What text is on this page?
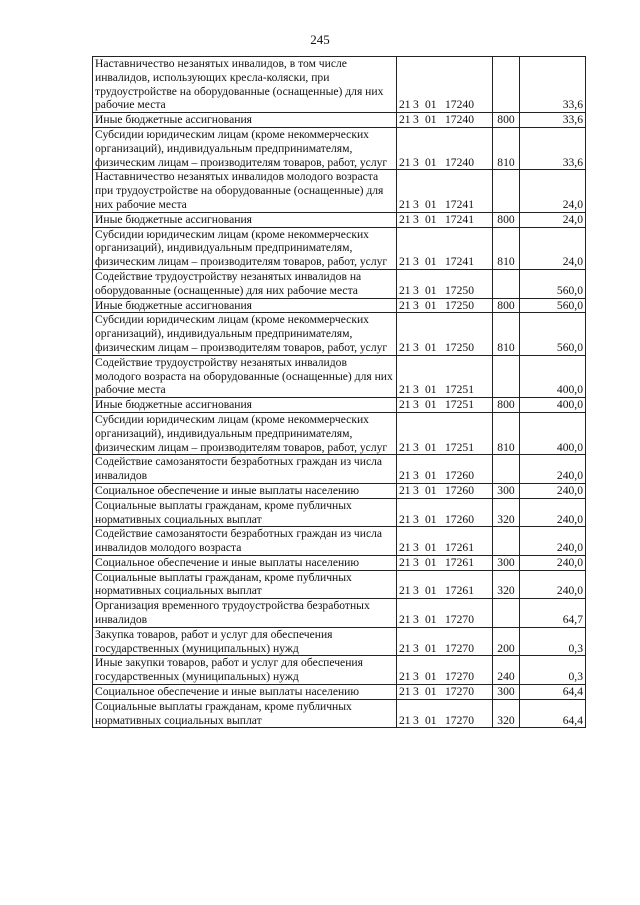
245
Наставничество незанятых инвалидов, в том числе инвалидов, использующих кресла-коляски, при трудоустройстве на оборудованные (оснащенные) для них рабочие места	21 3 01 17240		33,6
Иные бюджетные ассигнования	21 3 01 17240	800	33,6
Субсидии юридическим лицам (кроме некоммерческих организаций), индивидуальным предпринимателям, физическим лицам – производителям товаров, работ, услуг	21 3 01 17240	810	33,6
Наставничество незанятых инвалидов молодого возраста при трудоустройстве на оборудованные (оснащенные) для них рабочие места	21 3 01 17241		24,0
Иные бюджетные ассигнования	21 3 01 17241	800	24,0
Субсидии юридическим лицам (кроме некоммерческих организаций), индивидуальным предпринимателям, физическим лицам – производителям товаров, работ, услуг	21 3 01 17241	810	24,0
Содействие трудоустройству незанятых инвалидов на оборудованные (оснащенные) для них рабочие места	21 3 01 17250		560,0
Иные бюджетные ассигнования	21 3 01 17250	800	560,0
Субсидии юридическим лицам (кроме некоммерческих организаций), индивидуальным предпринимателям, физическим лицам – производителям товаров, работ, услуг	21 3 01 17250	810	560,0
Содействие трудоустройству незанятых инвалидов молодого возраста на оборудованные (оснащенные) для них рабочие места	21 3 01 17251		400,0
Иные бюджетные ассигнования	21 3 01 17251	800	400,0
Субсидии юридическим лицам (кроме некоммерческих организаций), индивидуальным предпринимателям, физическим лицам – производителям товаров, работ, услуг	21 3 01 17251	810	400,0
Содействие самозанятости безработных граждан из числа инвалидов	21 3 01 17260		240,0
Социальное обеспечение и иные выплаты населению	21 3 01 17260	300	240,0
Социальные выплаты гражданам, кроме публичных нормативных социальных выплат	21 3 01 17260	320	240,0
Содействие самозанятости безработных граждан из числа инвалидов молодого возраста	21 3 01 17261		240,0
Социальное обеспечение и иные выплаты населению	21 3 01 17261	300	240,0
Социальные выплаты гражданам, кроме публичных нормативных социальных выплат	21 3 01 17261	320	240,0
Организация временного трудоустройства безработных инвалидов	21 3 01 17270		64,7
Закупка товаров, работ и услуг для обеспечения государственных (муниципальных) нужд	21 3 01 17270	200	0,3
Иные закупки товаров, работ и услуг для обеспечения государственных (муниципальных) нужд	21 3 01 17270	240	0,3
Социальное обеспечение и иные выплаты населению	21 3 01 17270	300	64,4
Социальные выплаты гражданам, кроме публичных нормативных социальных выплат	21 3 01 17270	320	64,4
